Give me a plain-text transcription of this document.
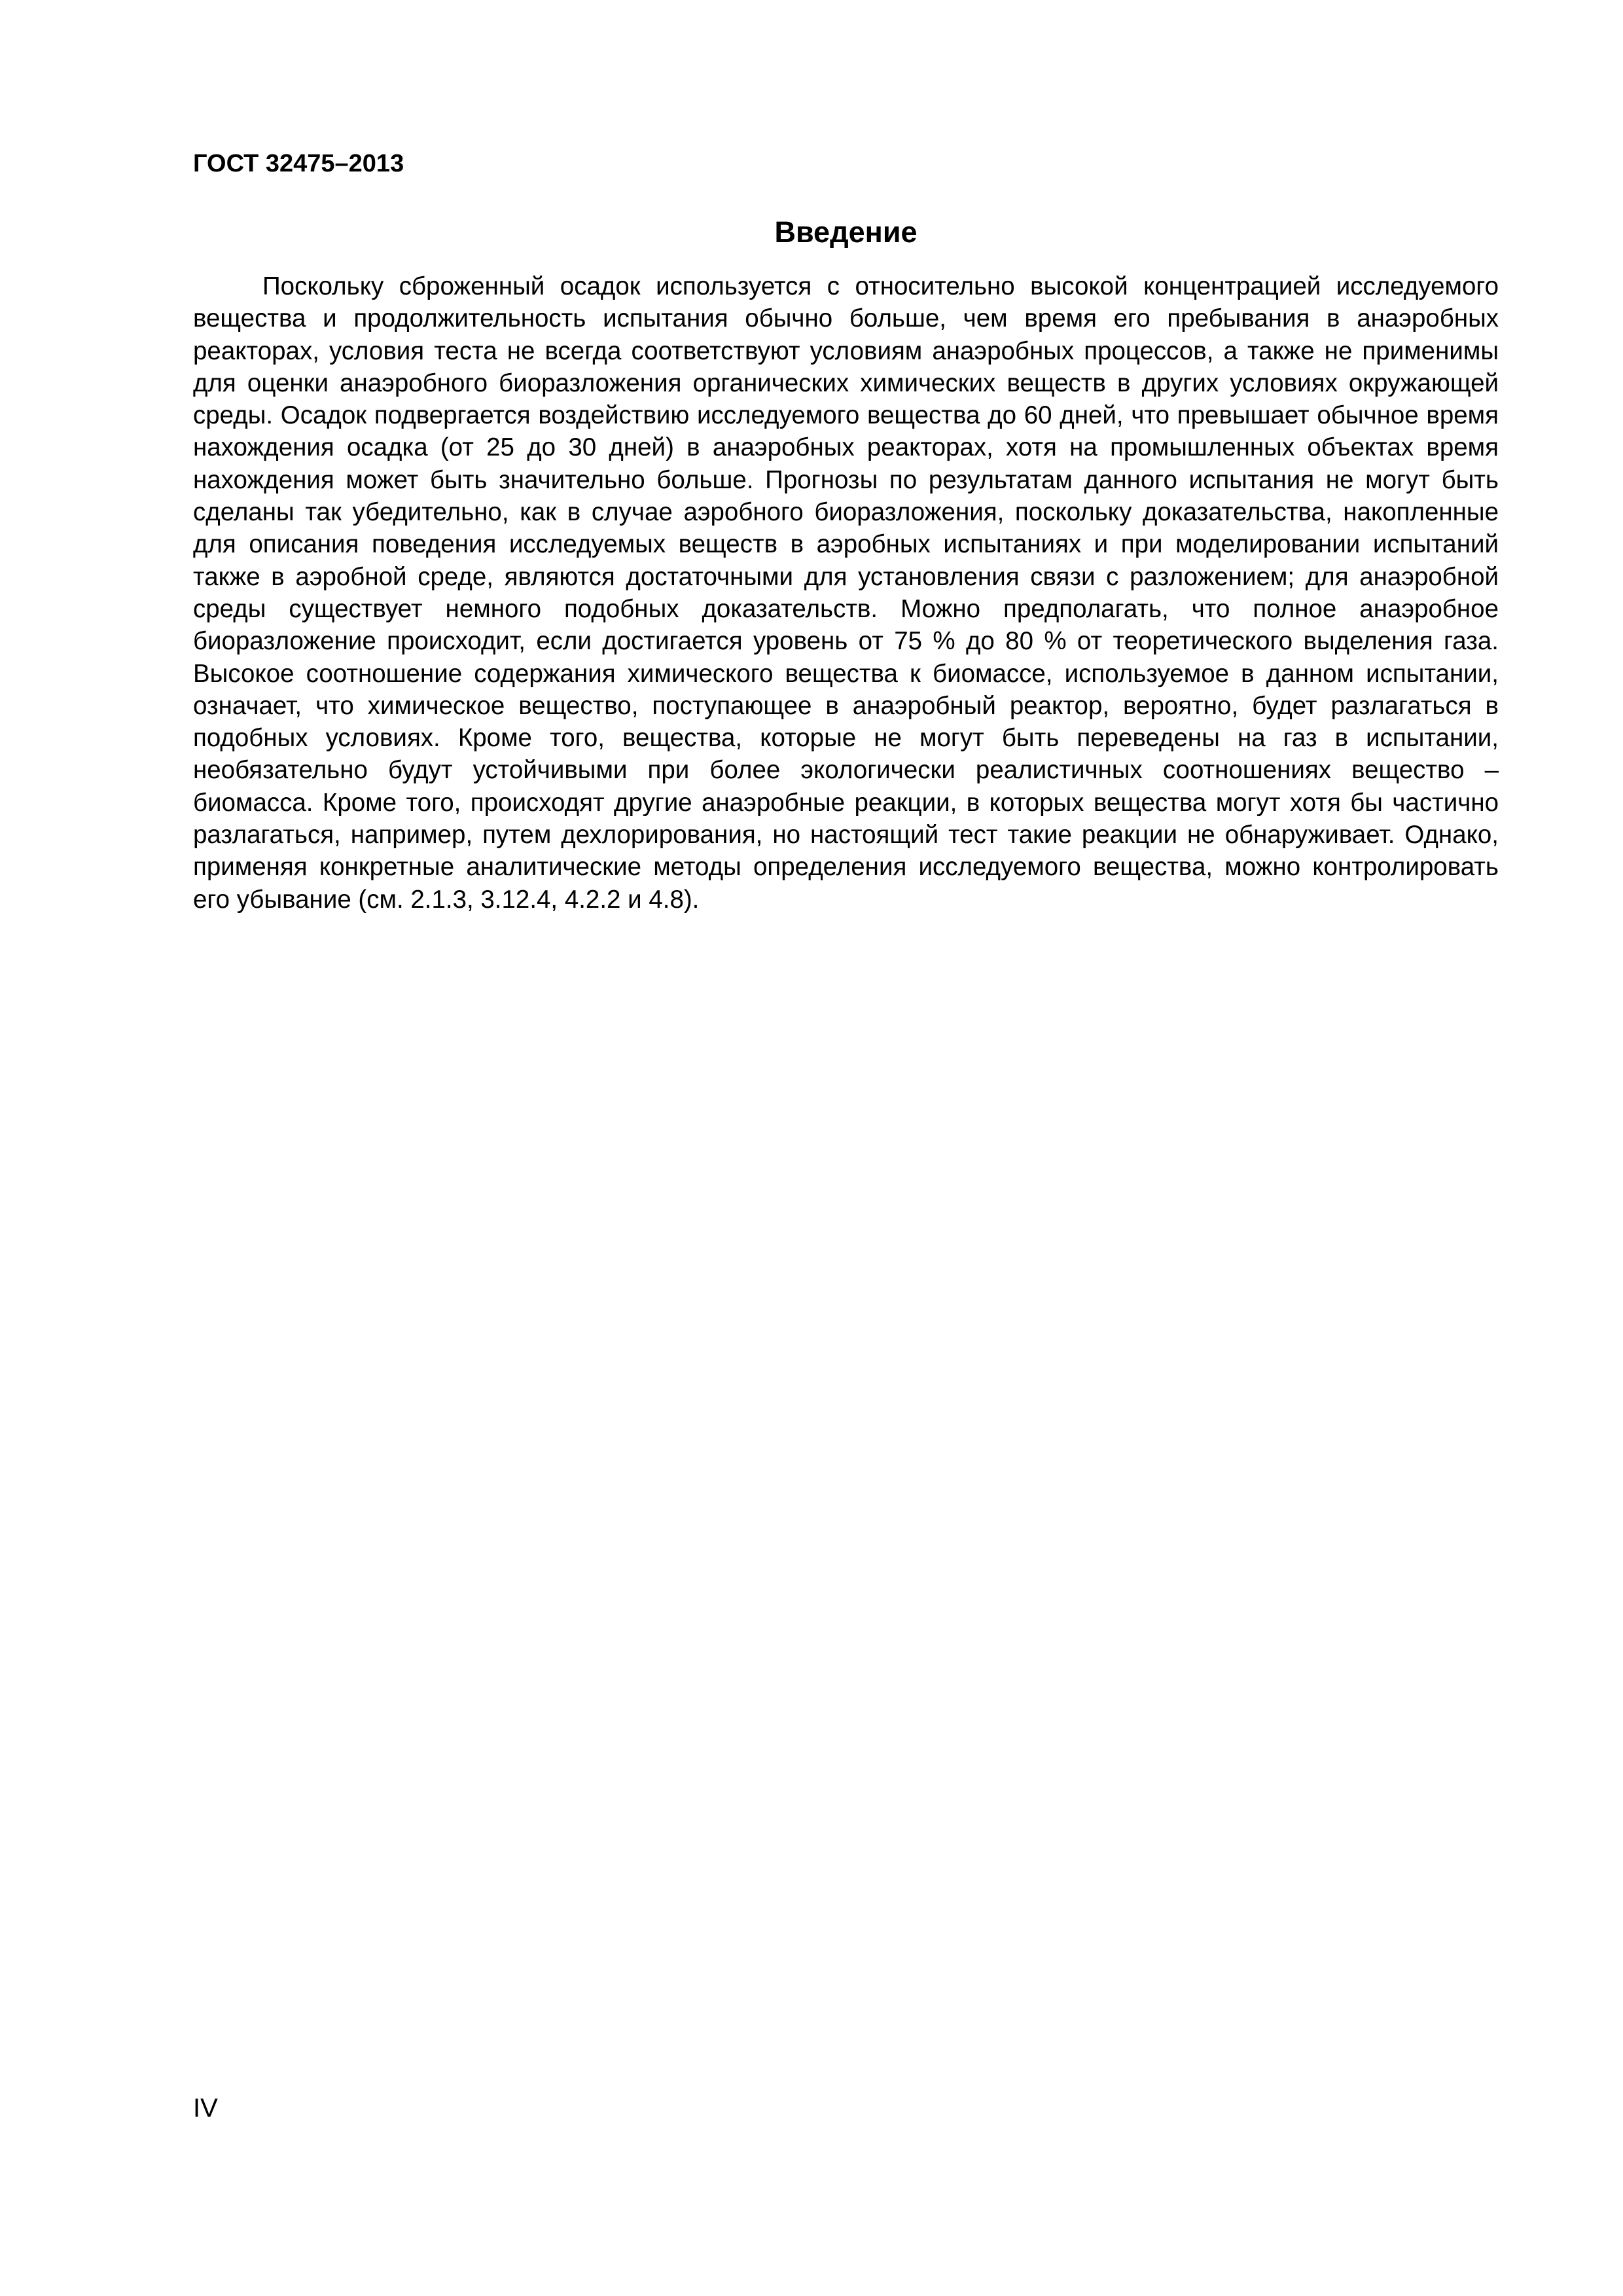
ГОСТ 32475–2013
Введение

Поскольку сброженный осадок используется с относительно высокой концентрацией исследуемого вещества и продолжительность испытания обычно больше, чем время его пребывания в анаэробных реакторах, условия теста не всегда соответствуют условиям анаэробных процессов, а также не применимы для оценки анаэробного биоразложения органических химических веществ в других условиях окружающей среды. Осадок подвергается воздействию исследуемого вещества до 60 дней, что превышает обычное время нахождения осадка (от 25 до 30 дней) в анаэробных реакторах, хотя на промышленных объектах время нахождения может быть значительно больше. Прогнозы по результатам данного испытания не могут быть сделаны так убедительно, как в случае аэробного биоразложения, поскольку доказательства, накопленные для описания поведения исследуемых веществ в аэробных испытаниях и при моделировании испытаний также в аэробной среде, являются достаточными для установления связи с разложением; для анаэробной среды существует немного подобных доказательств. Можно предполагать, что полное анаэробное биоразложение происходит, если достигается уровень от 75 % до 80 % от теоретического выделения газа. Высокое соотношение содержания химического вещества к биомассе, используемое в данном испытании, означает, что химическое вещество, поступающее в анаэробный реактор, вероятно, будет разлагаться в подобных условиях. Кроме того, вещества, которые не могут быть переведены на газ в испытании, необязательно будут устойчивыми при более экологически реалистичных соотношениях вещество – биомасса. Кроме того, происходят другие анаэробные реакции, в которых вещества могут хотя бы частично разлагаться, например, путем дехлорирования, но настоящий тест такие реакции не обнаруживает. Однако, применяя конкретные аналитические методы определения исследуемого вещества, можно контролировать его убывание (см. 2.1.3, 3.12.4, 4.2.2 и 4.8).

IV
